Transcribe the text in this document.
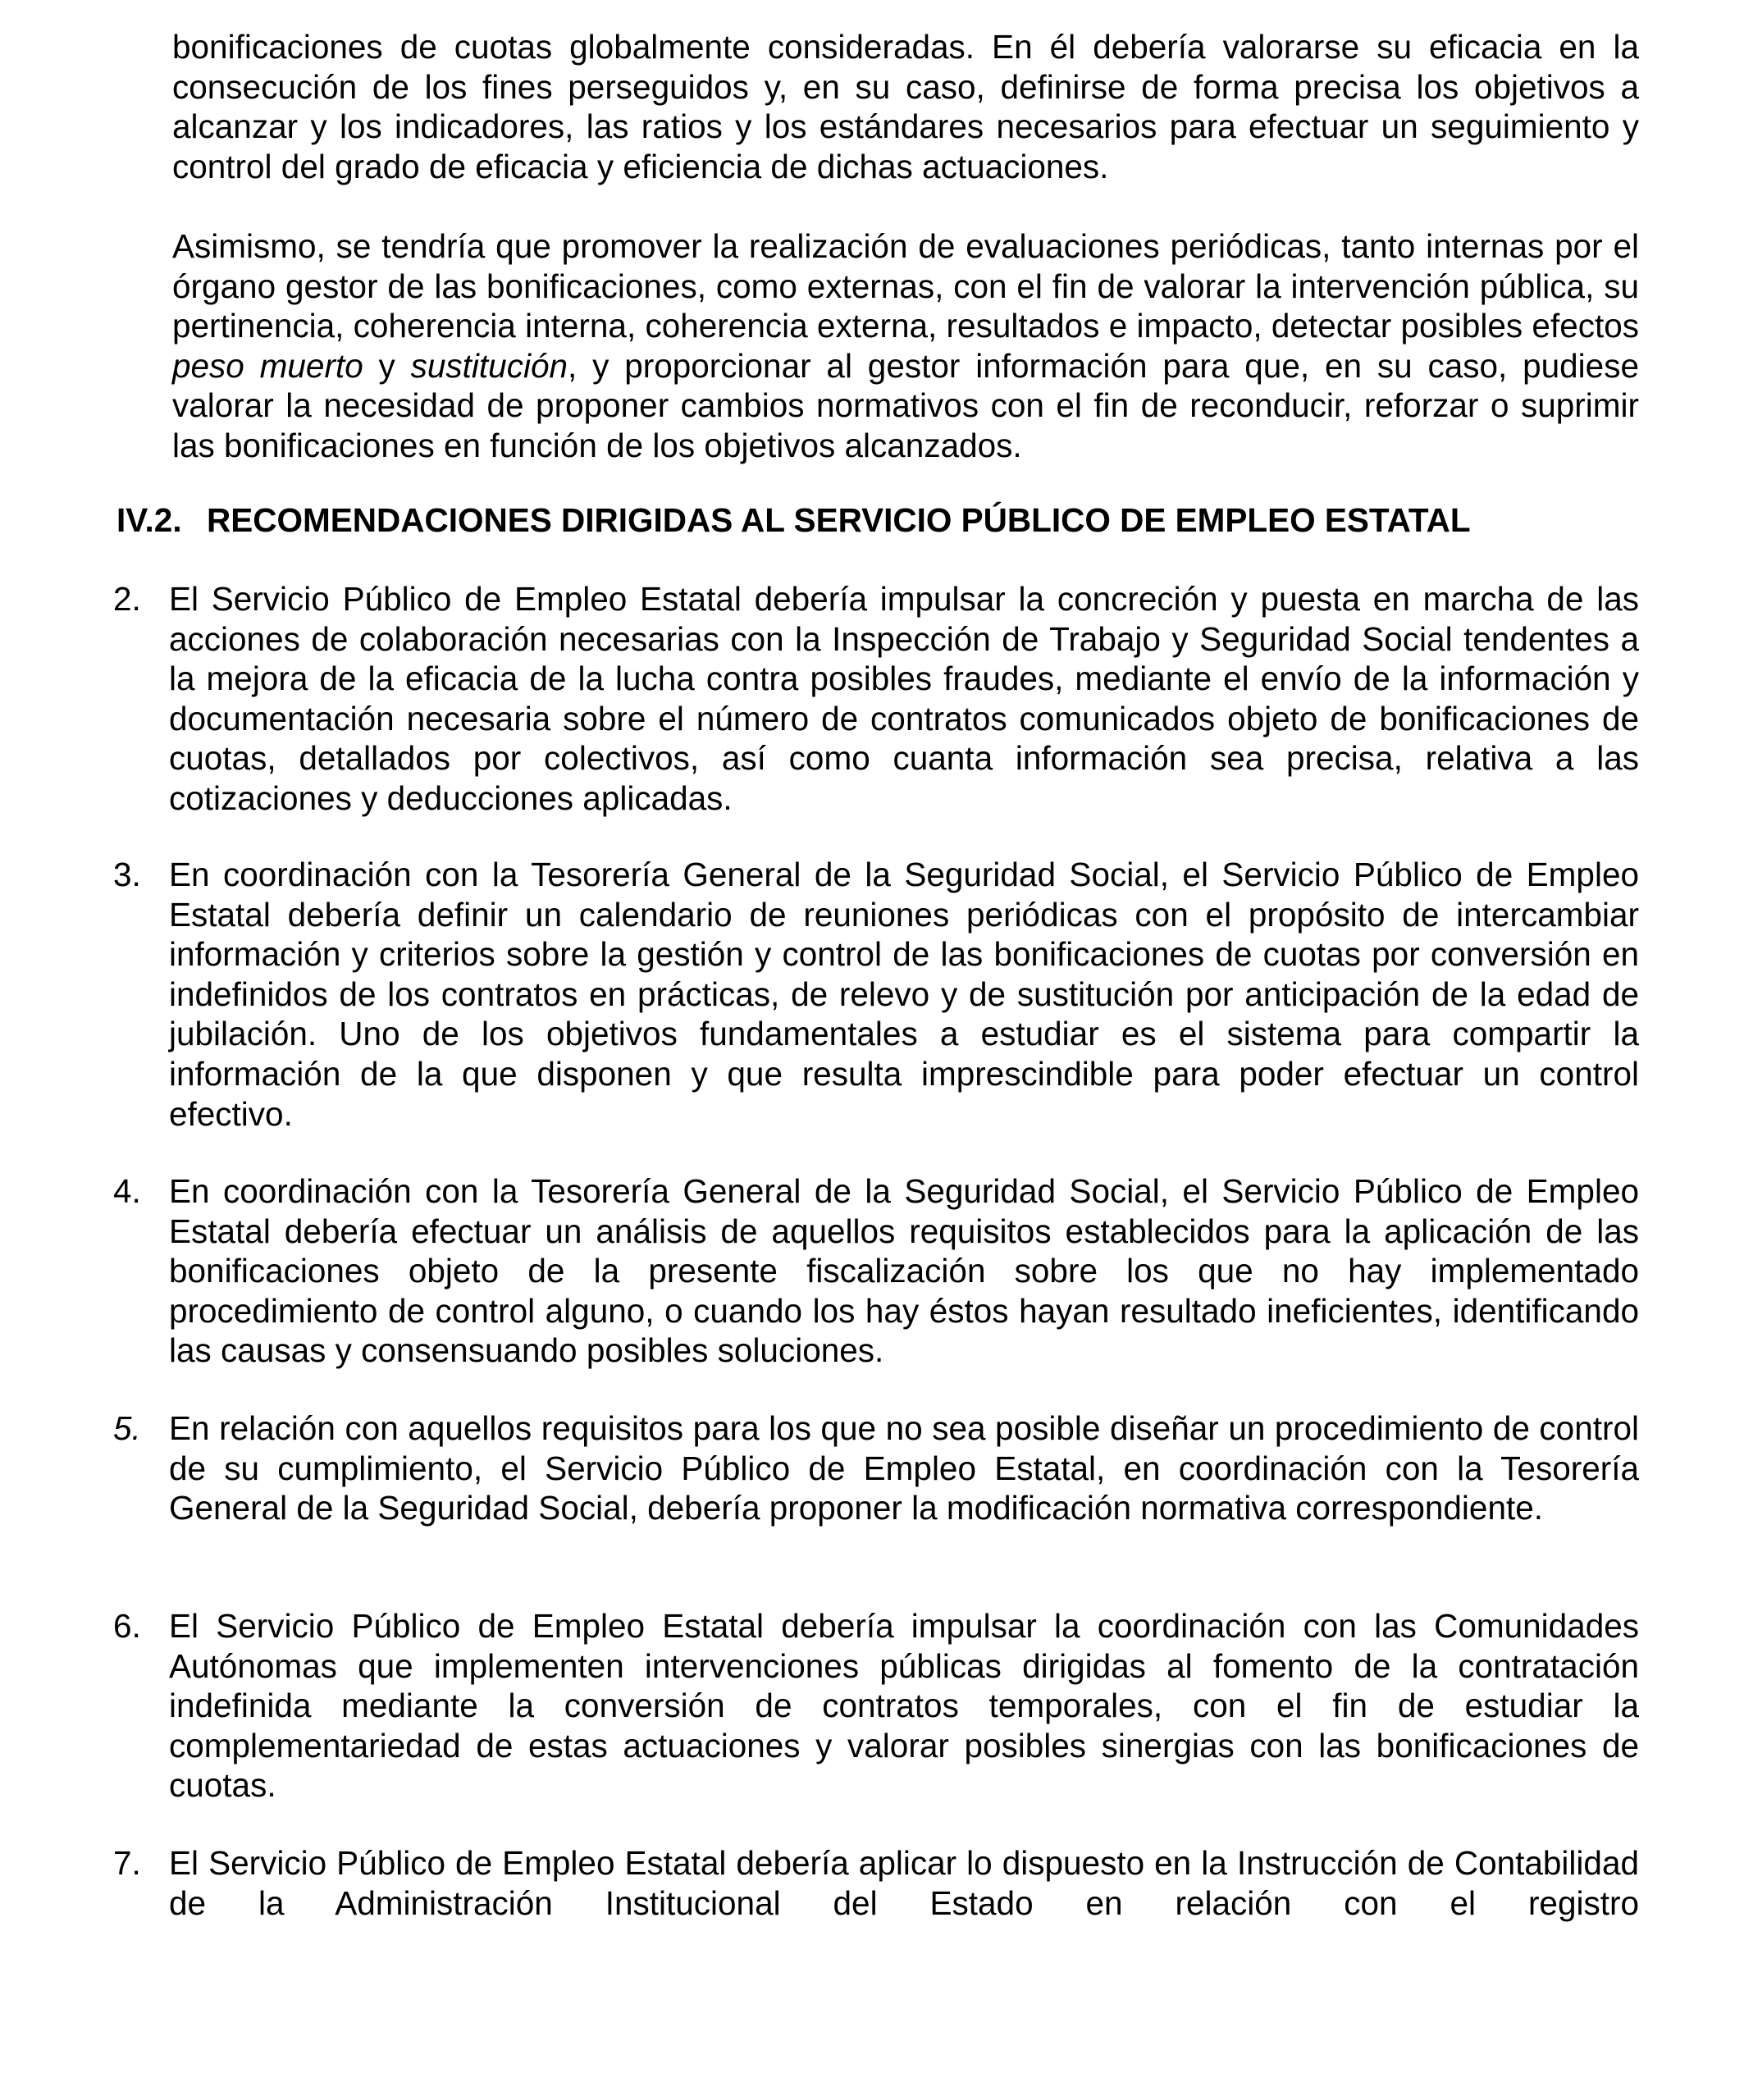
bonificaciones de cuotas globalmente consideradas. En él debería valorarse su eficacia en la consecución de los fines perseguidos y, en su caso, definirse de forma precisa los objetivos a alcanzar y los indicadores, las ratios y los estándares necesarios para efectuar un seguimiento y control del grado de eficacia y eficiencia de dichas actuaciones.

Asimismo, se tendría que promover la realización de evaluaciones periódicas, tanto internas por el órgano gestor de las bonificaciones, como externas, con el fin de valorar la intervención pública, su pertinencia, coherencia interna, coherencia externa, resultados e impacto, detectar posibles efectos peso muerto y sustitución, y proporcionar al gestor información para que, en su caso, pudiese valorar la necesidad de proponer cambios normativos con el fin de reconducir, reforzar o suprimir las bonificaciones en función de los objetivos alcanzados.

IV.2. RECOMENDACIONES DIRIGIDAS AL SERVICIO PÚBLICO DE EMPLEO ESTATAL
2. El Servicio Público de Empleo Estatal debería impulsar la concreción y puesta en marcha de las acciones de colaboración necesarias con la Inspección de Trabajo y Seguridad Social tendentes a la mejora de la eficacia de la lucha contra posibles fraudes, mediante el envío de la información y documentación necesaria sobre el número de contratos comunicados objeto de bonificaciones de cuotas, detallados por colectivos, así como cuanta información sea precisa, relativa a las cotizaciones y deducciones aplicadas.

3. En coordinación con la Tesorería General de la Seguridad Social, el Servicio Público de Empleo Estatal debería definir un calendario de reuniones periódicas con el propósito de intercambiar información y criterios sobre la gestión y control de las bonificaciones de cuotas por conversión en indefinidos de los contratos en prácticas, de relevo y de sustitución por anticipación de la edad de jubilación. Uno de los objetivos fundamentales a estudiar es el sistema para compartir la información de la que disponen y que resulta imprescindible para poder efectuar un control efectivo.

4. En coordinación con la Tesorería General de la Seguridad Social, el Servicio Público de Empleo Estatal debería efectuar un análisis de aquellos requisitos establecidos para la aplicación de las bonificaciones objeto de la presente fiscalización sobre los que no hay implementado procedimiento de control alguno, o cuando los hay éstos hayan resultado ineficientes, identificando las causas y consensuando posibles soluciones.

5. En relación con aquellos requisitos para los que no sea posible diseñar un procedimiento de control de su cumplimiento, el Servicio Público de Empleo Estatal, en coordinación con la Tesorería General de la Seguridad Social, debería proponer la modificación normativa correspondiente.

6. El Servicio Público de Empleo Estatal debería impulsar la coordinación con las Comunidades Autónomas que implementen intervenciones públicas dirigidas al fomento de la contratación indefinida mediante la conversión de contratos temporales, con el fin de estudiar la complementariedad de estas actuaciones y valorar posibles sinergias con las bonificaciones de cuotas.

7. El Servicio Público de Empleo Estatal debería aplicar lo dispuesto en la Instrucción de Contabilidad de la Administración Institucional del Estado en relación con el registro
